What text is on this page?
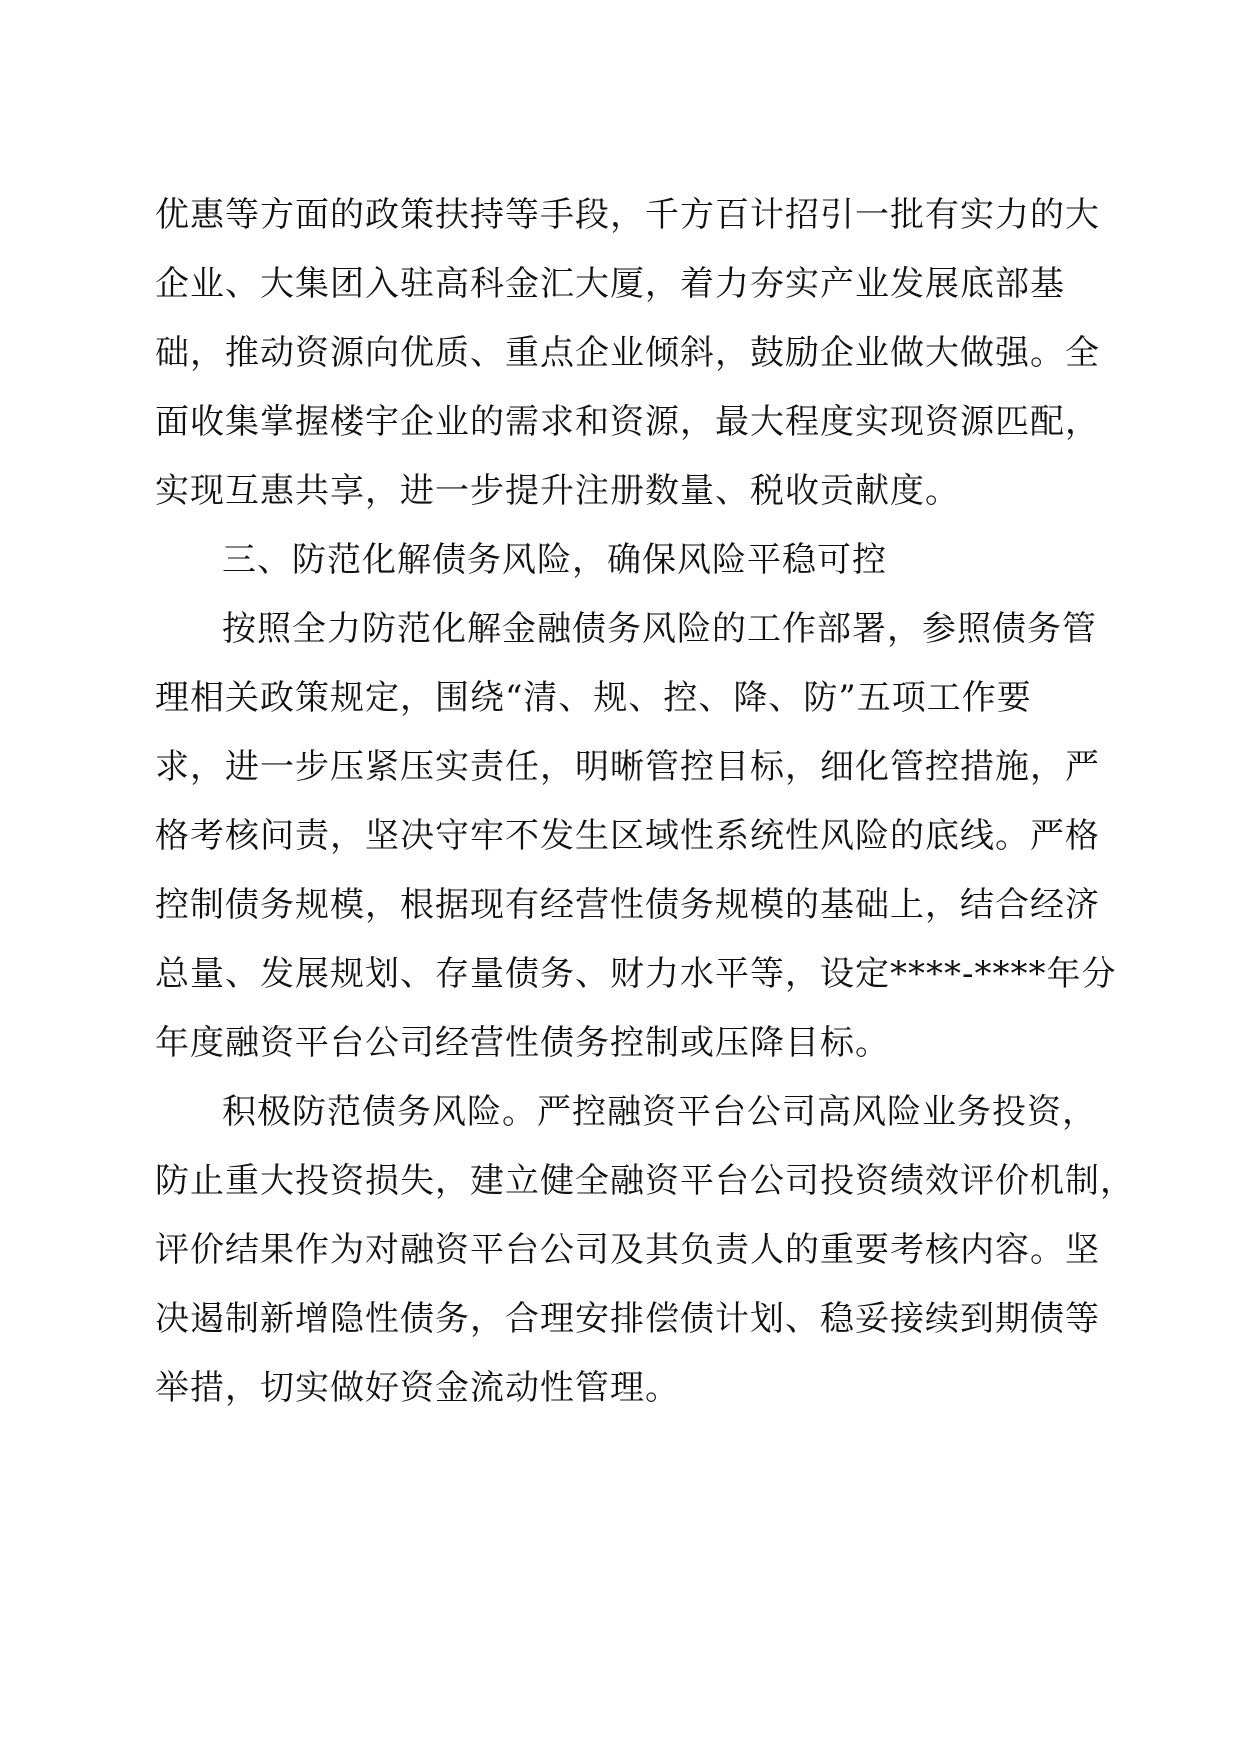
优惠等方面的政策扶持等手段，千方百计招引一批有实力的大
企业、大集团入驻高科金汇大厦，着力夯实产业发展底部基
础，推动资源向优质、重点企业倾斜，鼓励企业做大做强。全
面收集掌握楼宇企业的需求和资源，最大程度实现资源匹配，
实现互惠共享，进一步提升注册数量、税收贡献度。
三、防范化解债务风险，确保风险平稳可控
按照全力防范化解金融债务风险的工作部署，参照债务管
理相关政策规定，围绕“清、规、控、降、防”五项工作要
求，进一步压紧压实责任，明晰管控目标，细化管控措施，严
格考核问责，坚决守牢不发生区域性系统性风险的底线。严格
控制债务规模，根据现有经营性债务规模的基础上，结合经济
总量、发展规划、存量债务、财力水平等，设定****-****年分
年度融资平台公司经营性债务控制或压降目标。
积极防范债务风险。严控融资平台公司高风险业务投资，
防止重大投资损失，建立健全融资平台公司投资绩效评价机制，
评价结果作为对融资平台公司及其负责人的重要考核内容。坚
决遏制新增隐性债务，合理安排偿债计划、稳妥接续到期债等
举措，切实做好资金流动性管理。
